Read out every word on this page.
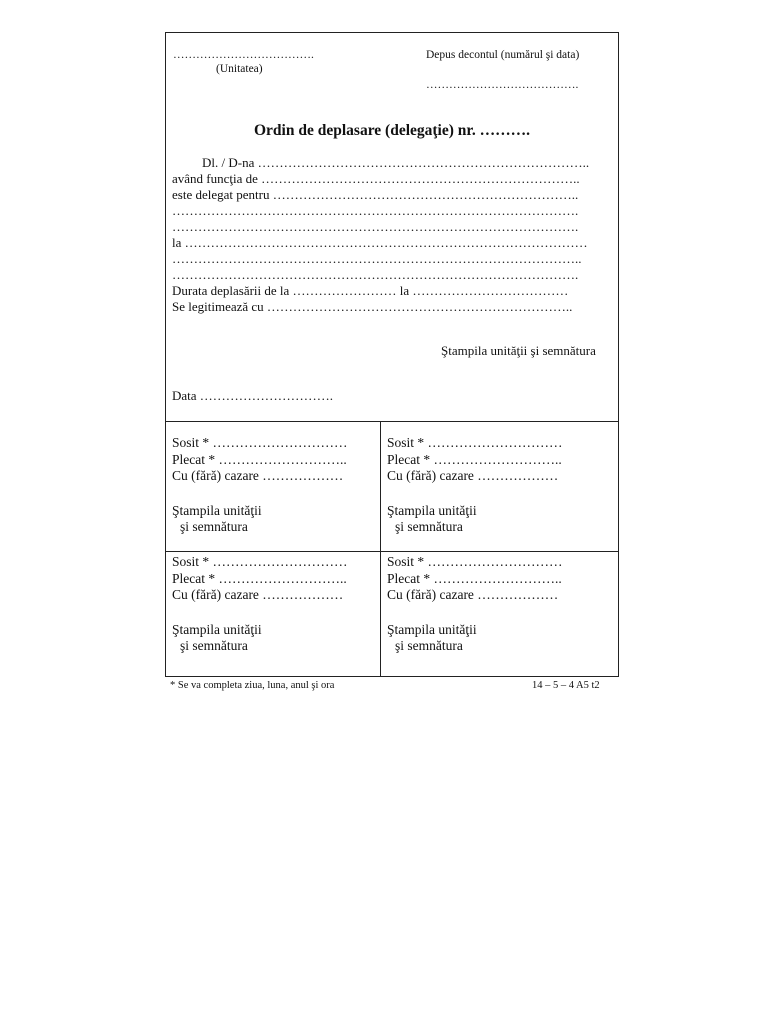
……………………………….
(Unitatea)
Depus decontul (numărul şi data)
………………………………….
Ordin de deplasare (delegaţie) nr. ……….
Dl. / D-na …………………………………………………………………..
având funcţia de ………………………………………………………………..
este delegat pentru ……………………………………………………………..
………………………………………………………………………………….
………………………………………………………………………………….
la …………………………………………………………………………………
…………………………………………………………………………………..
………………………………………………………………………………….
Durata deplasării de la …………………… la ………………………………
Se legitimează cu ……………………………………………………………..
Ştampila unităţii şi semnătura
Data ………………………….
Sosit * …………………………
Plecat * ………………………..
Cu (fără) cazare ………………
Ştampila unităţii
şi semnătura
Sosit * …………………………
Plecat * ………………………..
Cu (fără) cazare ………………
Ştampila unităţii
şi semnătura
Sosit * …………………………
Plecat * ………………………..
Cu (fără) cazare ………………
Ştampila unităţii
şi semnătura
Sosit * …………………………
Plecat * ………………………..
Cu (fără) cazare ………………
Ştampila unităţii
şi semnătura
* Se va completa ziua, luna, anul şi ora	14 – 5 – 4 A5 t2
